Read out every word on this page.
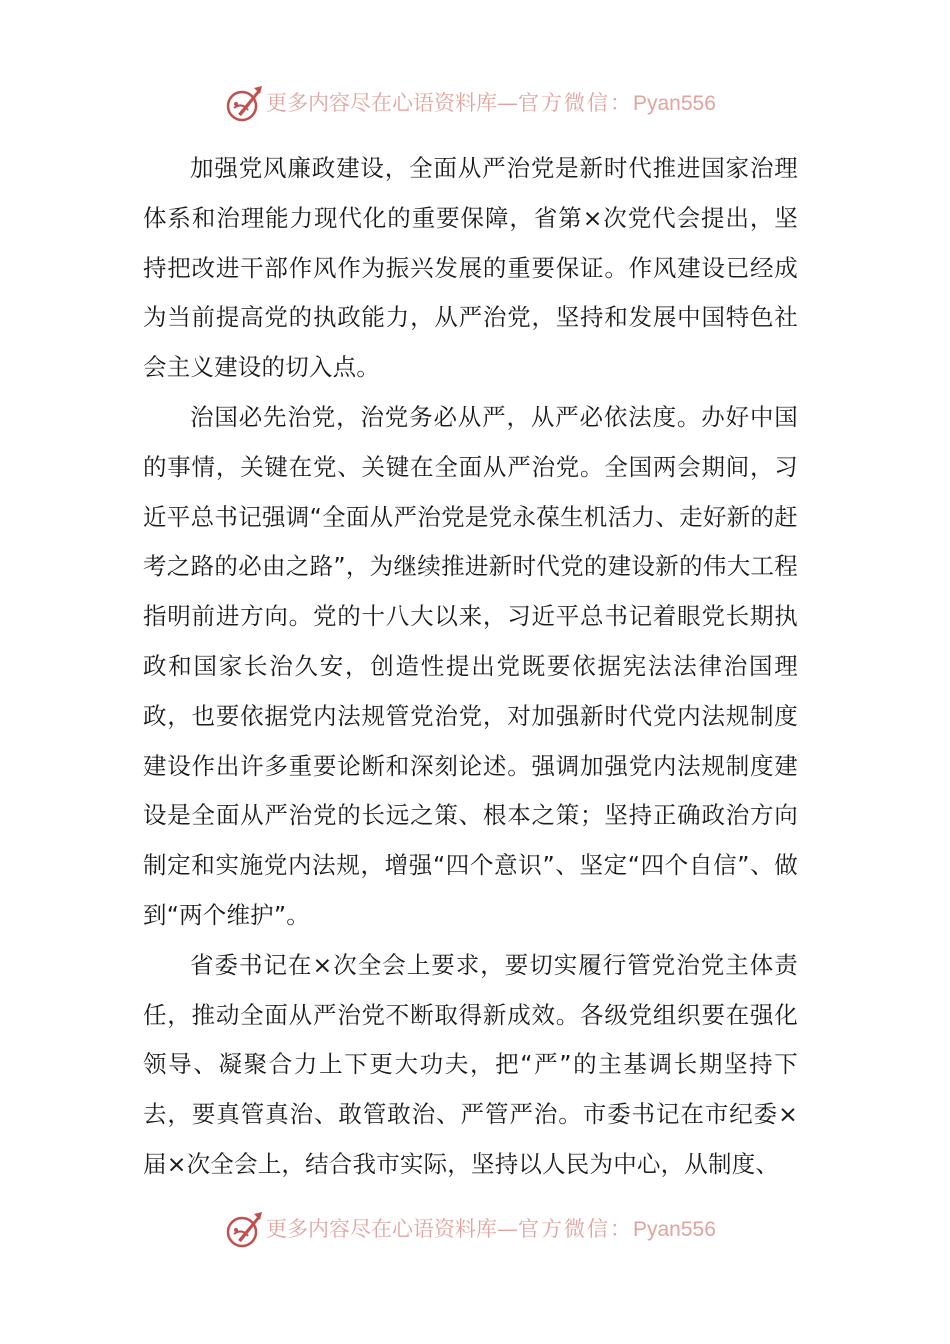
更多内容尽在心语资料库—官方微信：Pyan556

加强党风廉政建设，全面从严治党是新时代推进国家治理体系和治理能力现代化的重要保障，省第×次党代会提出，坚持把改进干部作风作为振兴发展的重要保证。作风建设已经成为当前提高党的执政能力，从严治党，坚持和发展中国特色社会主义建设的切入点。

治国必先治党，治党务必从严，从严必依法度。办好中国的事情，关键在党、关键在全面从严治党。全国两会期间，习近平总书记强调“全面从严治党是党永葆生机活力、走好新的赶考之路的必由之路”，为继续推进新时代党的建设新的伟大工程指明前进方向。党的十八大以来，习近平总书记着眼党长期执政和国家长治久安，创造性提出党既要依据宪法法律治国理政，也要依据党内法规管党治党，对加强新时代党内法规制度建设作出许多重要论断和深刻论述。强调加强党内法规制度建设是全面从严治党的长远之策、根本之策；坚持正确政治方向制定和实施党内法规，增强“四个意识”、坚定“四个自信”、做到“两个维护”。

省委书记在×次全会上要求，要切实履行管党治党主体责任，推动全面从严治党不断取得新成效。各级党组织要在强化领导、凝聚合力上下更大功夫，把“严”的主基调长期坚持下去，要真管真治、敢管敢治、严管严治。市委书记在市纪委×届×次全会上，结合我市实际，坚持以人民为中心，从制度、

更多内容尽在心语资料库—官方微信：Pyan556
